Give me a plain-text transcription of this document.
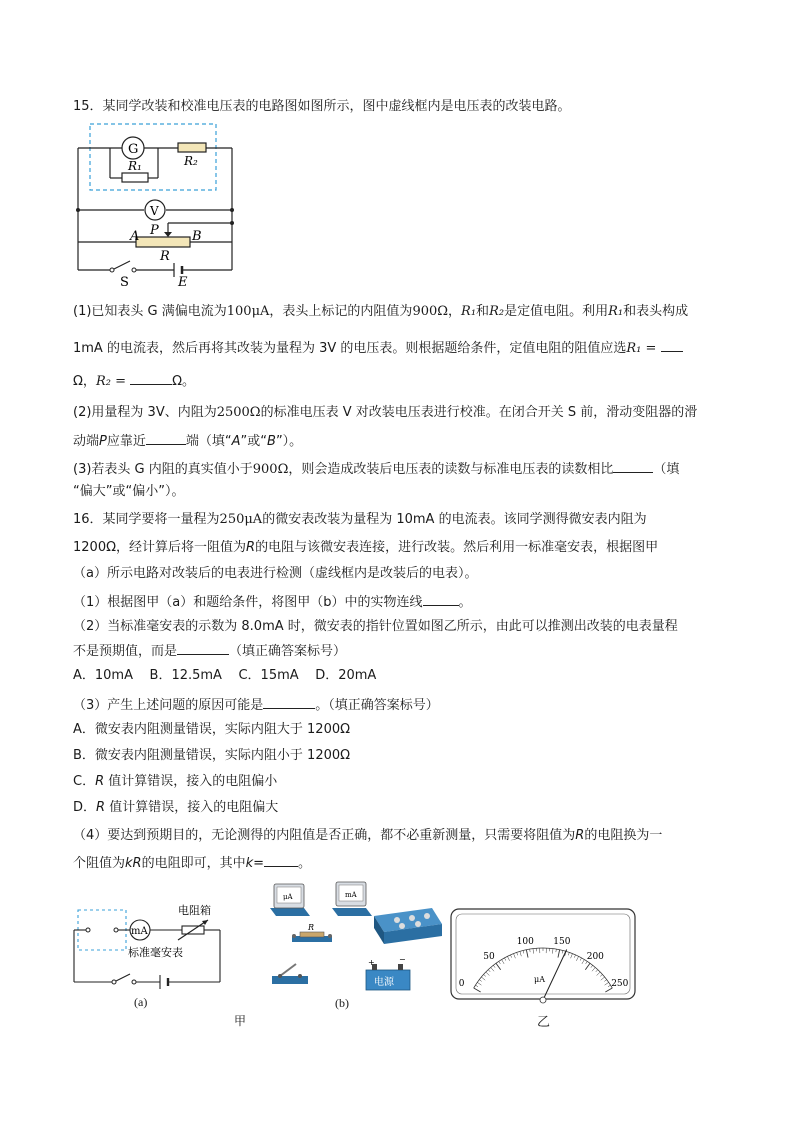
15．某同学改装和校准电压表的电路图如图所示，图中虚线框内是电压表的改装电路。
G
R₁	R₂
V
A P	B
R
S	E
(1)已知表头 G 满偏电流为100μA，表头上标记的内阻值为900Ω，R₁和R₂是定值电阻。利用R₁和表头构成
1mA 的电流表，然后再将其改装为量程为 3V 的电压表。则根据题给条件，定值电阻的阻值应选R₁ =
Ω，R₂ =	Ω。
(2)用量程为 3V、内阻为2500Ω的标准电压表 V 对改装电压表进行校准。在闭合开关 S 前，滑动变阻器的滑
动端P应靠近	端（填“A”或“B”）。
(3)若表头 G 内阻的真实值小于900Ω，则会造成改装后电压表的读数与标准电压表的读数相比	（填
“偏大”或“偏小”）。
16．某同学要将一量程为250μA的微安表改装为量程为 10mA 的电流表。该同学测得微安表内阻为
1200Ω，经计算后将一阻值为R的电阻与该微安表连接，进行改装。然后利用一标准毫安表，根据图甲
（a）所示电路对改装后的电表进行检测（虚线框内是改装后的电表）。
（1）根据图甲（a）和题给条件，将图甲（b）中的实物连线	。
（2）当标准毫安表的示数为 8.0mA 时，微安表的指针位置如图乙所示，由此可以推测出改装的电表量程
不是预期值，而是	（填正确答案标号）
A．10mA B．12.5mA C．15mA D．20mA
（3）产生上述问题的原因可能是	。（填正确答案标号）
A．微安表内阻测量错误，实际内阻大于 1200Ω
B．微安表内阻测量错误，实际内阻小于 1200Ω
C．R 值计算错误，接入的电阻偏小
D．R 值计算错误，接入的电阻偏大
（4）要达到预期目的，无论测得的内阻值是否正确，都不必重新测量，只需要将阻值为R的电阻换为一
个阻值为kR的电阻即可，其中k=	。
mA
电阻箱
标准毫安表
(a)
μA	mA
R
+	−
电源
(b)
甲
0
50
100 150
200
250
μA
乙
